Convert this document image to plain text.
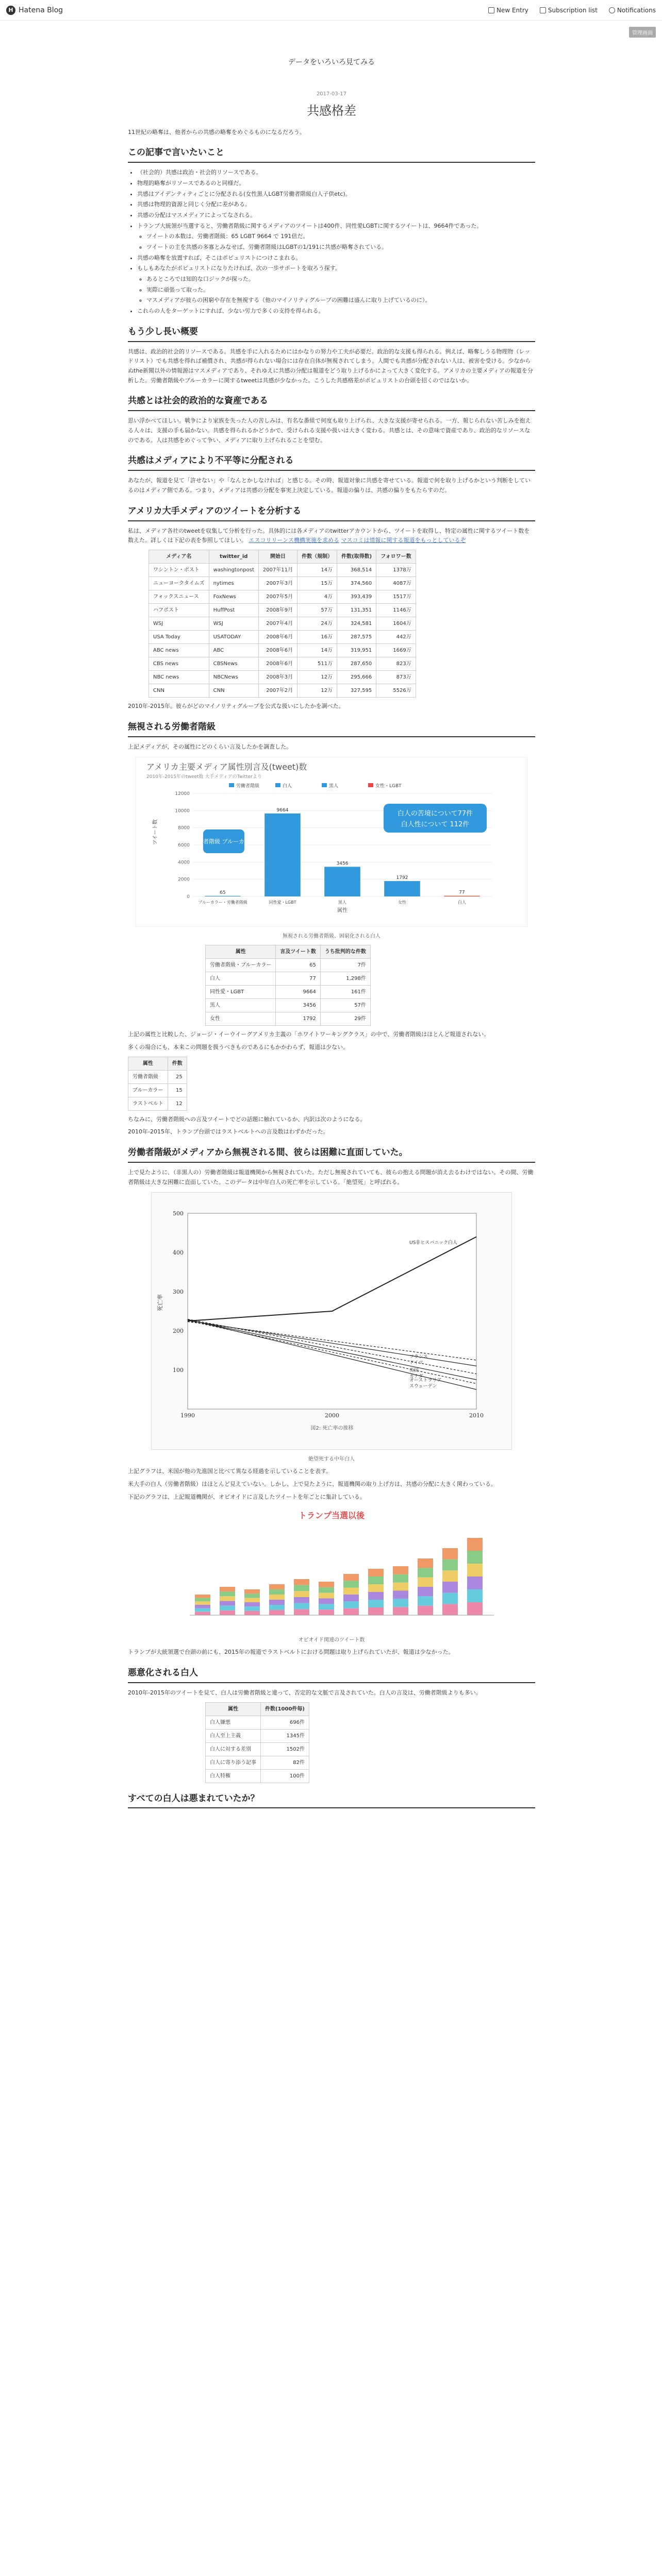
H Hatena Blog	New Entry	Subscription list	Notifications
管理画面
データをいろいろ見てみる
2017-03-17
共感格差

11世紀の略奪は、他者からの共感の略奪をめぐるものになるだろう。

この記事で言いたいこと
• （社会的）共感は政治・社会的リソースである。
• 物理的略奪がリソースであるのと同様だ。
• 共感はアイデンティティごとに分配される(女性黒人LGBT労働者階級白人子供etc)。
• 共感は物理的資源と同じく分配に差がある。
• 共感の分配はマスメディアによってなされる。
• トランプ大統領が当選すると、労働者階級に関するメディアのツイートは400件、同性愛LGBTに関するツイートは、9664件であった。
◦ ツイートの本数は、労働者階級：65 LGBT 9664 で 191倍だ。
◦ ツイートの主を共感の多寡とみなせば、労働者階級はLGBTの1/191に共感が略奪されている。
• 共感の略奪を放置すれば、そこはポピュリストにつけこまれる。
• もしもあなたがポピュリストになりたければ、次の一歩サポートを取ろう探す。
◦ あるところでは知的な口ジックが探った。
◦ 実際に頑張って取った。
◦ マスメディアが彼らの困窮や存在を無視する（他のマイノリティグループの困難は盛んに取り上げているのに）。
• これらの人をターゲットにすれば、少ない労力で多くの支持を得られる。
もう少し長い概要

共感は、政治的社会的リソースである。共感を手に入れるためにはかなりの努力や工夫が必要だ。政治的な支援も得られる。例えば、略奪しうる物理物（レッドリスト）でも共感を得れば補償され、共感が得られない場合には存在自体が無視されてしまう。人間でも共感が分配されない人は、被害を受ける。少なからぬthe新聞以外の情報源はマスメディアであり、それゆえに共感の分配は報道をどう取り上げるかによって大きく変化する。アメリカの主要メディアの報道を分析した。労働者階級やブルーカラーに関するtweetは共感が少なかった。こうした共感格差がポピュリストの台頭を招くのではないか。

共感とは社会的政治的な資産である

思い浮かべてほしい。戦争により家族を失った人の苦しみは、有名な番組で何度も取り上げられ、大きな支援が寄せられる。一方、報じられない苦しみを抱える人々は、支援の手も届かない。共感を得られるかどうかで、受けられる支援や扱いは大きく変わる。共感とは、その意味で資産であり、政治的なリソースなのである。人は共感をめぐって争い、メディアに取り上げられることを望む。

共感はメディアにより不平等に分配される

あなたが、報道を見て「許せない」や「なんとかしなければ」と感じる。その時、報道対象に共感を寄せている。報道で何を取り上げるかという判断をしているのはメディア側である。つまり、メディアは共感の分配を事実上決定している。報道の偏りは、共感の偏りをもたらすのだ。

アメリカ大手メディアのツイートを分析する

私は、メディア各社のtweetを収集して分析を行った。具体的には各メディアのtwitterアカウントから、ツイートを取得し、特定の属性に関するツイート数を数えた。詳しくは下記の表を参照してほしい。 エスコリリーンス機構実施を求める マスコミは情報に関する報道をもっとしているぞ

メディア名	twitter_id	開始日	件数（規制）	件数(取得数)	フォロワー数
ワシントン・ポスト	washingtonpost	2007年11月	14万	368,514	1378万
ニューヨークタイムズ	nytimes	2007年3月	15万	374,560	4087万
フォックスニュース	FoxNews	2007年5月	4万	393,439	1517万
ハフポスト	HuffPost	2008年9月	57万	131,351	1146万
WSJ	WSJ	2007年4月	24万	324,581	1604万
USA Today	USATODAY	2008年6月	16万	287,575	442万
ABC news	ABC	2008年6月	14万	319,951	1669万
CBS news	CBSNews	2008年6月	511万	287,650	823万
NBC news	NBCNews	2008年3月	12万	295,666	873万
CNN	CNN	2007年2月	12万	327,595	5526万

2010年-2015年。彼らがどのマイノリティグループを公式な扱いにしたかを調べた。

無視される労働者階級

上記メディアが、その属性にどのくらい言及したかを調査した。

アメリカ主要メディア属性別言及(tweet)数
2010年-2015年のtweet数 大手メディアのTwitterより
労働者階級	白人	黒人	女性・LGBT
0
2000
4000
6000
8000
10000
12000
ツイート数
65
ブルーカラー・労働者階級
9664
同性愛・LGBT
3456
黒人
1792
女性
77
白人
属性
労働者階級 ブルーカラー
白人の苦境について77件
白人性について 112件
無視される労働者階級、困窮化される白人
属性	言及ツイート数	うち批判的な件数
労働者階級・ブルーカラー	65	7件
白人	77	1,298件
同性愛・LGBT	9664	161件
黒人	3456	57件
女性	1792	29件

上記の属性と比較した、ジョージ・イーウイーグアメリカ主義の「ホワイトワーキングクラス」の中で、労働者階級はほとんど報道されない。

多くの場合にも、本来この問題を扱うべきものであるにもかかわらず、報道は少ない。

属性	件数
労働者階級	25
ブルーカラー	15
ラストベルト	12

ちなみに、労働者階級への言及ツイートでどの話題に触れているか、内訳は次のようになる。

2010年-2015年、トランプ台頭ではラストベルトへの言及数はわずかだった。

労働者階級がメディアから無視される間、彼らは困難に直面していた。

上で見たように、（非黒人の）労働者階級は報道機関から無視されていた。ただし無視されていても、彼らの抱える問題が消え去るわけではない。その間、労働者階級は大きな困難に直面していた。このデータは中年白人の死亡率を示している。「絶望死」と呼ばれる。

500
400
300
200
100
1990	2000	2010
死亡率
US非ヒスパニック白人
フランス
ドイツ
英国
カナダ
オーストラリア
スウェーデン
図2: 死亡率の推移
絶望死する中年白人

上記グラフは、米国が他の先進国と比べて異なる経過を示していることを表す。

米大手の白人（労働者階級）はほとんど見えていない。しかし、上で見たように、報道機関の取り上げ方は、共感の分配に大きく関わっている。

下記のグラフは、上記報道機関が、オピオイドに言及したツイートを年ごとに集計している。

トランプ当選以後
オピオイド関連のツイート数

トランプが大統領選で台頭の前にも、2015年の報道でラストベルトにおける問題は取り上げられていたが、報道は少なかった。

悪意化される白人

2010年-2015年のツイートを見て、白人は労働者階級と違って、否定的な文脈で言及されていた。白人の言及は、労働者階級よりも多い。

属性	件数(1000件毎)
白人嫌悪	696件
白人至上主義	1345件
白人に対する差別	1502件
白人に寄り添う記事	82件
白人特権	100件
すべての白人は悪まれていたか？
